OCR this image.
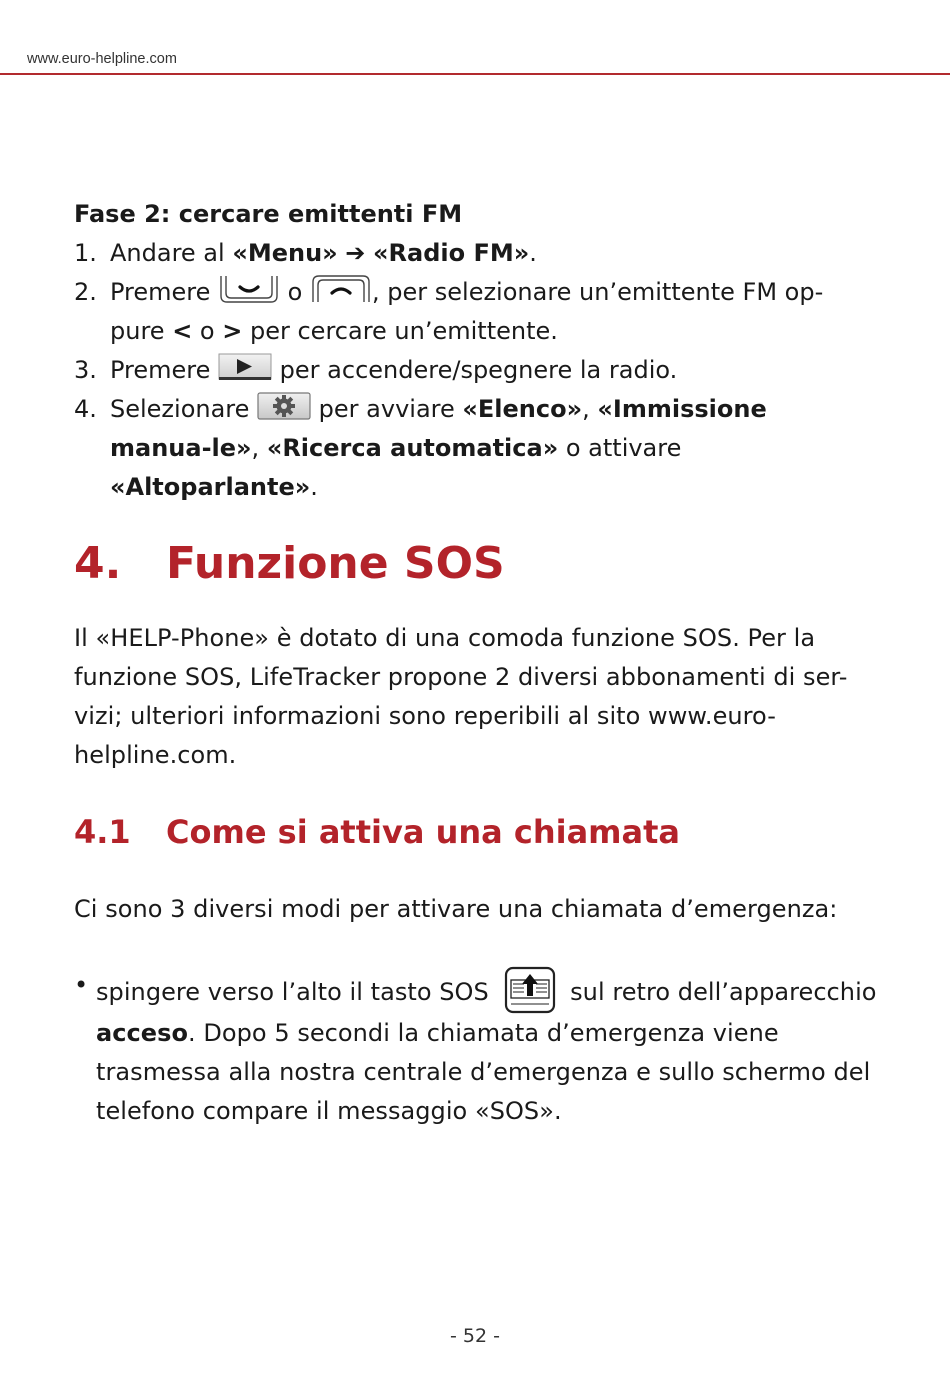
www.euro-helpline.com

Fase 2: cercare emittenti FM

1. Andare al «Menu» ➔ «Radio FM».
2. Premere	o	, per selezionare un’emittente FM op-pure < o > per cercare un’emittente.
3. Premere
per accendere/spegnere la radio.
4. Selezionare
per avviare «Elenco», «Immissione manua-le», «Ricerca automatica» o attivare «Altoparlante».
4. Funzione SOS

Il «HELP-Phone» è dotato di una comoda funzione SOS. Per la funzione SOS, LifeTracker propone 2 diversi abbonamenti di ser-vizi; ulteriori informazioni sono reperibili al sito www.euro-helpline.com.

4.1 Come si attiva una chiamata

Ci sono 3 diversi modi per attivare una chiamata d’emergenza:

• spingere verso l’alto il tasto SOS	sul retro dell’apparecchio acceso. Dopo 5 secondi la chiamata d’emergenza viene trasmessa alla nostra centrale d’emergenza e sullo schermo del telefono compare il messaggio «SOS».
- 52 -
